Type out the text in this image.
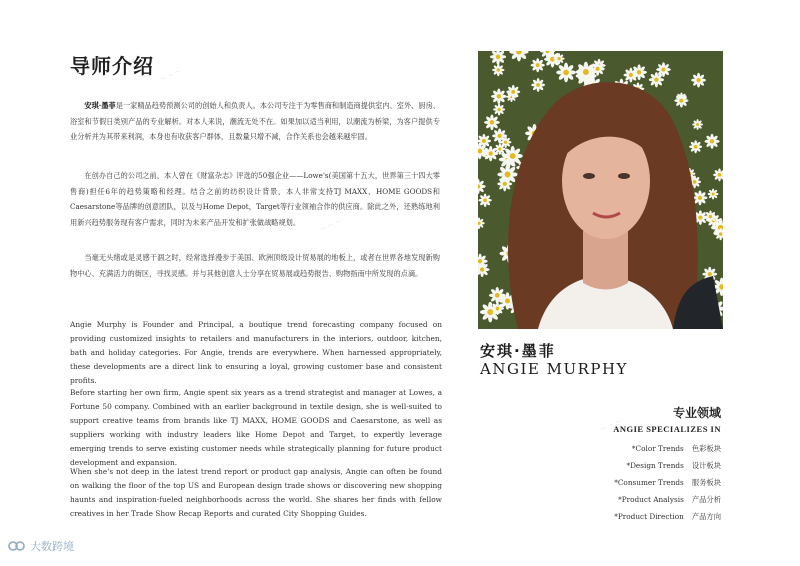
~ ~ ~
~ ~ ~
~ ~ ~
导师介绍
安琪·墨菲是一家精品趋势预测公司的创始人和负责人。本公司专注于为零售商和制造商提供室内、室外、厨房、浴室和节假日类别产品的专业解析。对本人来说，潮流无处不在。如果加以适当利用，以潮流为桥梁，为客户提供专业分析并为其带来利润，本身也有收获客户群体，且数量只增不减，合作关系也会越来越牢固。
在创办自己的公司之前，本人曾在《财富杂志》评选的50强企业——Lowe's(美国第十五大，世界第三十四大零售商)担任6年的趋势策略和经理。结合之前的纺织设计背景，本人非常支持TJ MAXX、HOME GOODS和Caesarstone等品牌的创意团队，以及与Home Depot，Target等行业领袖合作的供应商。除此之外，还熟练地利用新兴趋势服务现有客户需求，同时为未来产品开发和扩张做战略规划。
当毫无头绪或是灵感干涸之时，经常选择漫步于美国、欧洲顶级设计贸易展的地板上，或者在世界各地发现新购物中心、充满活力的街区，寻找灵感。并与其他创意人士分享在贸易展或趋势报告、购物指南中所发现的点滴。
Angie Murphy is Founder and Principal, a boutique trend forecasting company focused on providing customized insights to retailers and manufacturers in the interiors, outdoor, kitchen, bath and holiday categories. For Angie, trends are everywhere. When harnessed appropriately, these developments are a direct link to ensuring a loyal, growing customer base and consistent profits.
Before starting her own firm, Angie spent six years as a trend strategist and manager at Lowes, a Fortune 50 company. Combined with an earlier background in textile design, she is well-suited to support creative teams from brands like TJ MAXX, HOME GOODS and Caesarstone, as well as suppliers working with industry leaders like Home Depot and Target, to expertly leverage emerging trends to serve existing customer needs while strategically planning for future product development and expansion.
When she's not deep in the latest trend report or product gap analysis, Angie can often be found on walking the floor of the top US and European design trade shows or discovering new shopping haunts and inspiration-fueled neighborhoods across the world. She shares her finds with fellow creatives in her Trade Show Recap Reports and curated City Shopping Guides.
安琪·墨菲
ANGIE MURPHY
专业领域
ANGIE SPECIALIZES IN
*Color Trends 色彩板块
*Design Trends 设计板块
*Consumer Trends 服务板块
*Product Analysis 产品分析
*Product Direction 产品方向
大数跨境
